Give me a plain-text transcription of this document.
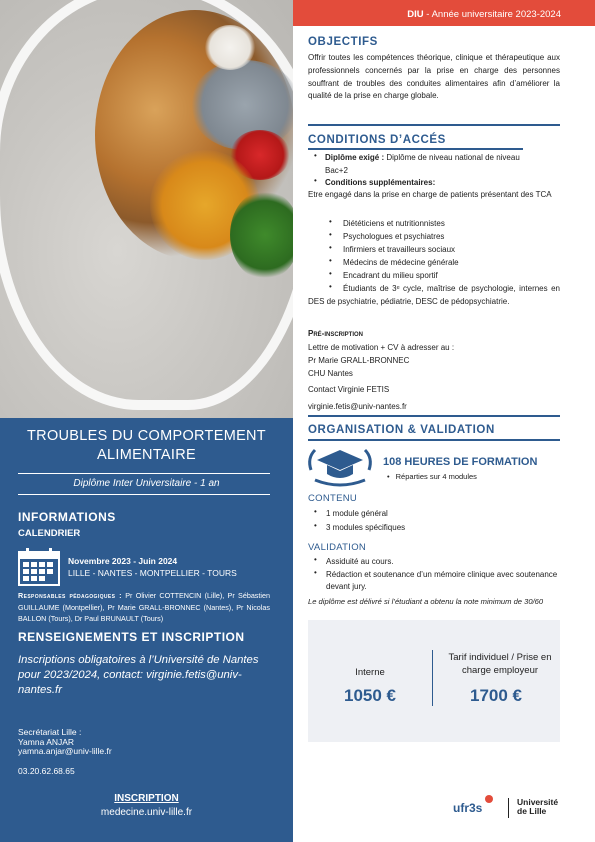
TROUBLES DU COMPORTEMENT
ALIMENTAIRE
Diplôme Inter Universitaire - 1 an
INFORMATIONS
CALENDRIER
Novembre 2023 - Juin 2024
LILLE - NANTES - MONTPELLIER - TOURS
Responsables pédagogiques : Pr Olivier COTTENCIN (Lille), Pr Sébastien GUILLAUME (Montpellier), Pr Marie GRALL-BRONNEC (Nantes), Pr Nicolas BALLON (Tours), Dr Paul BRUNAULT (Tours)
RENSEIGNEMENTS ET INSCRIPTION
Inscriptions obligatoires à l’Université de Nantes pour 2023/2024, contact: virginie.fetis@univ-nantes.fr
Secrétariat Lille :
Yamna ANJAR
yamna.anjar@univ-lille.fr
03.20.62.68.65
INSCRIPTION
medecine.univ-lille.fr
DIU - Année universitaire 2023-2024
OBJECTIFS
Offrir toutes les compétences théorique, clinique et thérapeutique aux professionnels concernés par la prise en charge des personnes souffrant de troubles des conduites alimentaires afin d’améliorer la qualité de la prise en charge globale.
CONDITIONS D’ACCÉS
• Diplôme exigé : Diplôme de niveau national de niveau
Bac+2
• Conditions supplémentaires:
Etre engagé dans la prise en charge de patients présentant des TCA
• Diététiciens et nutritionnistes
• Psychologues et psychiatres
• Infirmiers et travailleurs sociaux
• Médecins de médecine générale
• Encadrant du milieu sportif
•	Étudiants de 3ᵉ cycle, maîtrise de psychologie, internes en DES de psychiatrie, pédiatrie, DESC de pédopsychiatrie.
Pré-inscription
Lettre de motivation + CV à adresser au :
Pr Marie GRALL-BRONNEC
CHU Nantes
Contact Virginie FETIS
virginie.fetis@univ-nantes.fr
ORGANISATION & VALIDATION
108 HEURES DE FORMATION
• Réparties sur 4 modules
CONTENU
• 1 module général
• 3 modules spécifiques
VALIDATION
• Assiduité au cours.
• Rédaction et soutenance d’un mémoire clinique avec soutenance devant jury.
Le diplôme est délivré si l’étudiant a obtenu la note minimum de 30/60
Interne
1050 €
Tarif individuel / Prise en charge employeur
1700 €
ufr3s	Université
de Lille
